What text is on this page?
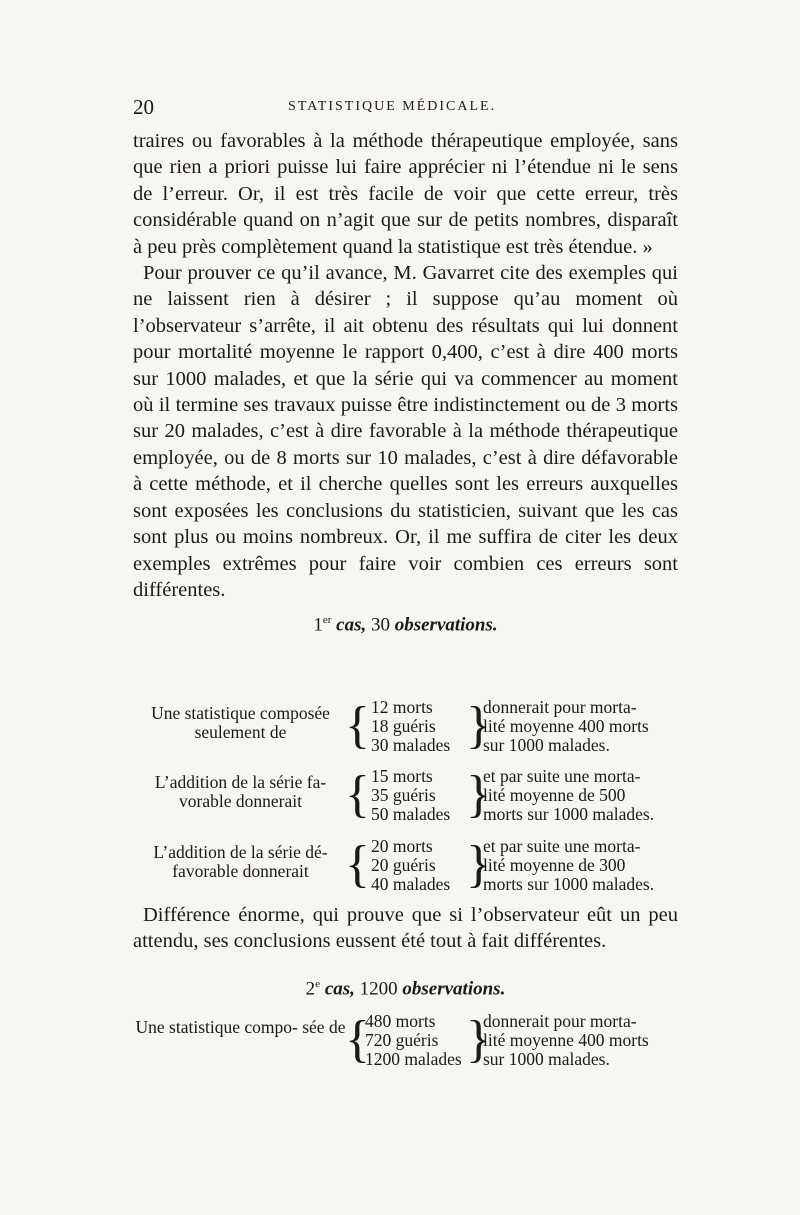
20	STATISTIQUE MÉDICALE.

traires ou favorables à la méthode thérapeutique employée, sans que rien a priori puisse lui faire apprécier ni l’étendue ni le sens de l’erreur. Or, il est très facile de voir que cette erreur, très considérable quand on n’agit que sur de petits nombres, disparaît à peu près complètement quand la statistique est très étendue. »

Pour prouver ce qu’il avance, M. Gavarret cite des exemples qui ne laissent rien à désirer ; il suppose qu’au moment où l’observateur s’arrête, il ait obtenu des résultats qui lui donnent pour mortalité moyenne le rapport 0,400, c’est à dire 400 morts sur 1000 malades, et que la série qui va commencer au moment où il termine ses travaux puisse être indistinctement ou de 3 morts sur 20 malades, c’est à dire favorable à la méthode thérapeutique employée, ou de 8 morts sur 10 malades, c’est à dire défavorable à cette méthode, et il cherche quelles sont les erreurs auxquelles sont exposées les conclusions du statisticien, suivant que les cas sont plus ou moins nombreux. Or, il me suffira de citer les deux exemples extrêmes pour faire voir combien ces erreurs sont différentes.

1er cas, 30 observations.

Une statistique composée seulement de	{ 12 morts
18 guéris
30 malades }
donnerait pour morta-
lité moyenne 400 morts
sur 1000 malades.
L’addition de la série fa- vorable donnerait { 15 morts
35 guéris
50 malades }
et par suite une morta-
lité moyenne de 500
morts sur 1000 malades.
L’addition de la série dé- favorable donnerait { 20 morts
20 guéris
40 malades }
et par suite une morta-
lité moyenne de 300
morts sur 1000 malades.

Différence énorme, qui prouve que si l’observateur eût un peu attendu, ses conclusions eussent été tout à fait différentes.

2e cas, 1200 observations.

Une statistique compo- sée de {
480 morts
720 guéris
1200 malades }
donnerait pour morta-
lité moyenne 400 morts
sur 1000 malades.
